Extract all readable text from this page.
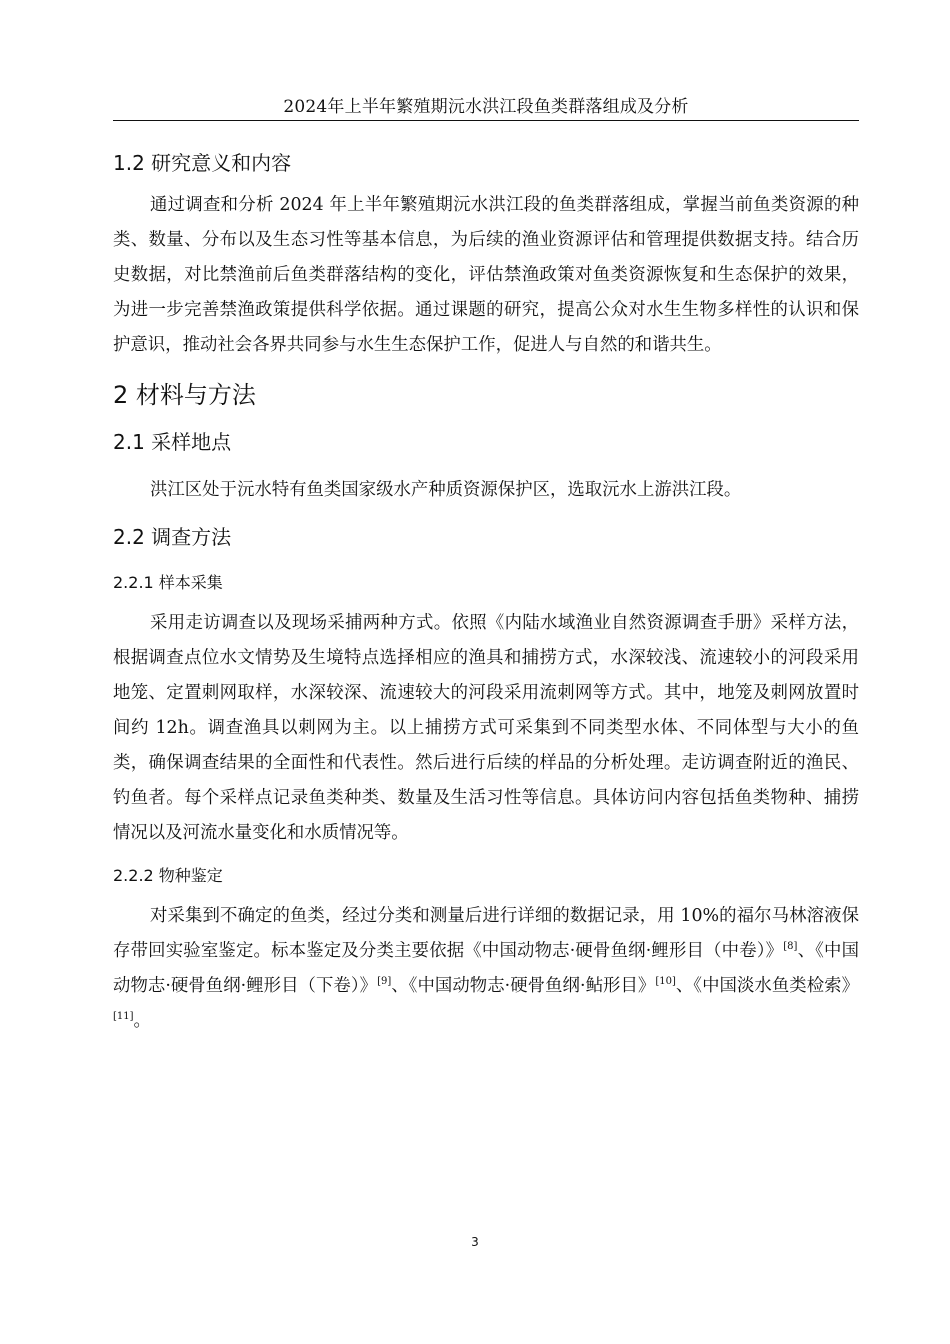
2024年上半年繁殖期沅水洪江段鱼类群落组成及分析
1.2 研究意义和内容

通过调查和分析 2024 年上半年繁殖期沅水洪江段的鱼类群落组成，掌握当前鱼类资源的种类、数量、分布以及生态习性等基本信息，为后续的渔业资源评估和管理提供数据支持。结合历史数据，对比禁渔前后鱼类群落结构的变化，评估禁渔政策对鱼类资源恢复和生态保护的效果，为进一步完善禁渔政策提供科学依据。通过课题的研究，提高公众对水生生物多样性的认识和保护意识，推动社会各界共同参与水生生态保护工作，促进人与自然的和谐共生。

2 材料与方法
2.1 采样地点

洪江区处于沅水特有鱼类国家级水产种质资源保护区，选取沅水上游洪江段。

2.2 调查方法
2.2.1 样本采集

采用走访调查以及现场采捕两种方式。依照《内陆水域渔业自然资源调查手册》采样方法，根据调查点位水文情势及生境特点选择相应的渔具和捕捞方式，水深较浅、流速较小的河段采用地笼、定置刺网取样，水深较深、流速较大的河段采用流刺网等方式。其中，地笼及刺网放置时间约 12h。调查渔具以刺网为主。以上捕捞方式可采集到不同类型水体、不同体型与大小的鱼类，确保调查结果的全面性和代表性。然后进行后续的样品的分析处理。走访调查附近的渔民、钓鱼者。每个采样点记录鱼类种类、数量及生活习性等信息。具体访问内容包括鱼类物种、捕捞情况以及河流水量变化和水质情况等。

2.2.2 物种鉴定

对采集到不确定的鱼类，经过分类和测量后进行详细的数据记录，用 10%的福尔马林溶液保存带回实验室鉴定。标本鉴定及分类主要依据《中国动物志·硬骨鱼纲·鲤形目（中卷）》[8]、《中国动物志·硬骨鱼纲·鲤形目（下卷）》[9]、《中国动物志·硬骨鱼纲·鲇形目》[10]、《中国淡水鱼类检索》[11]。

3
